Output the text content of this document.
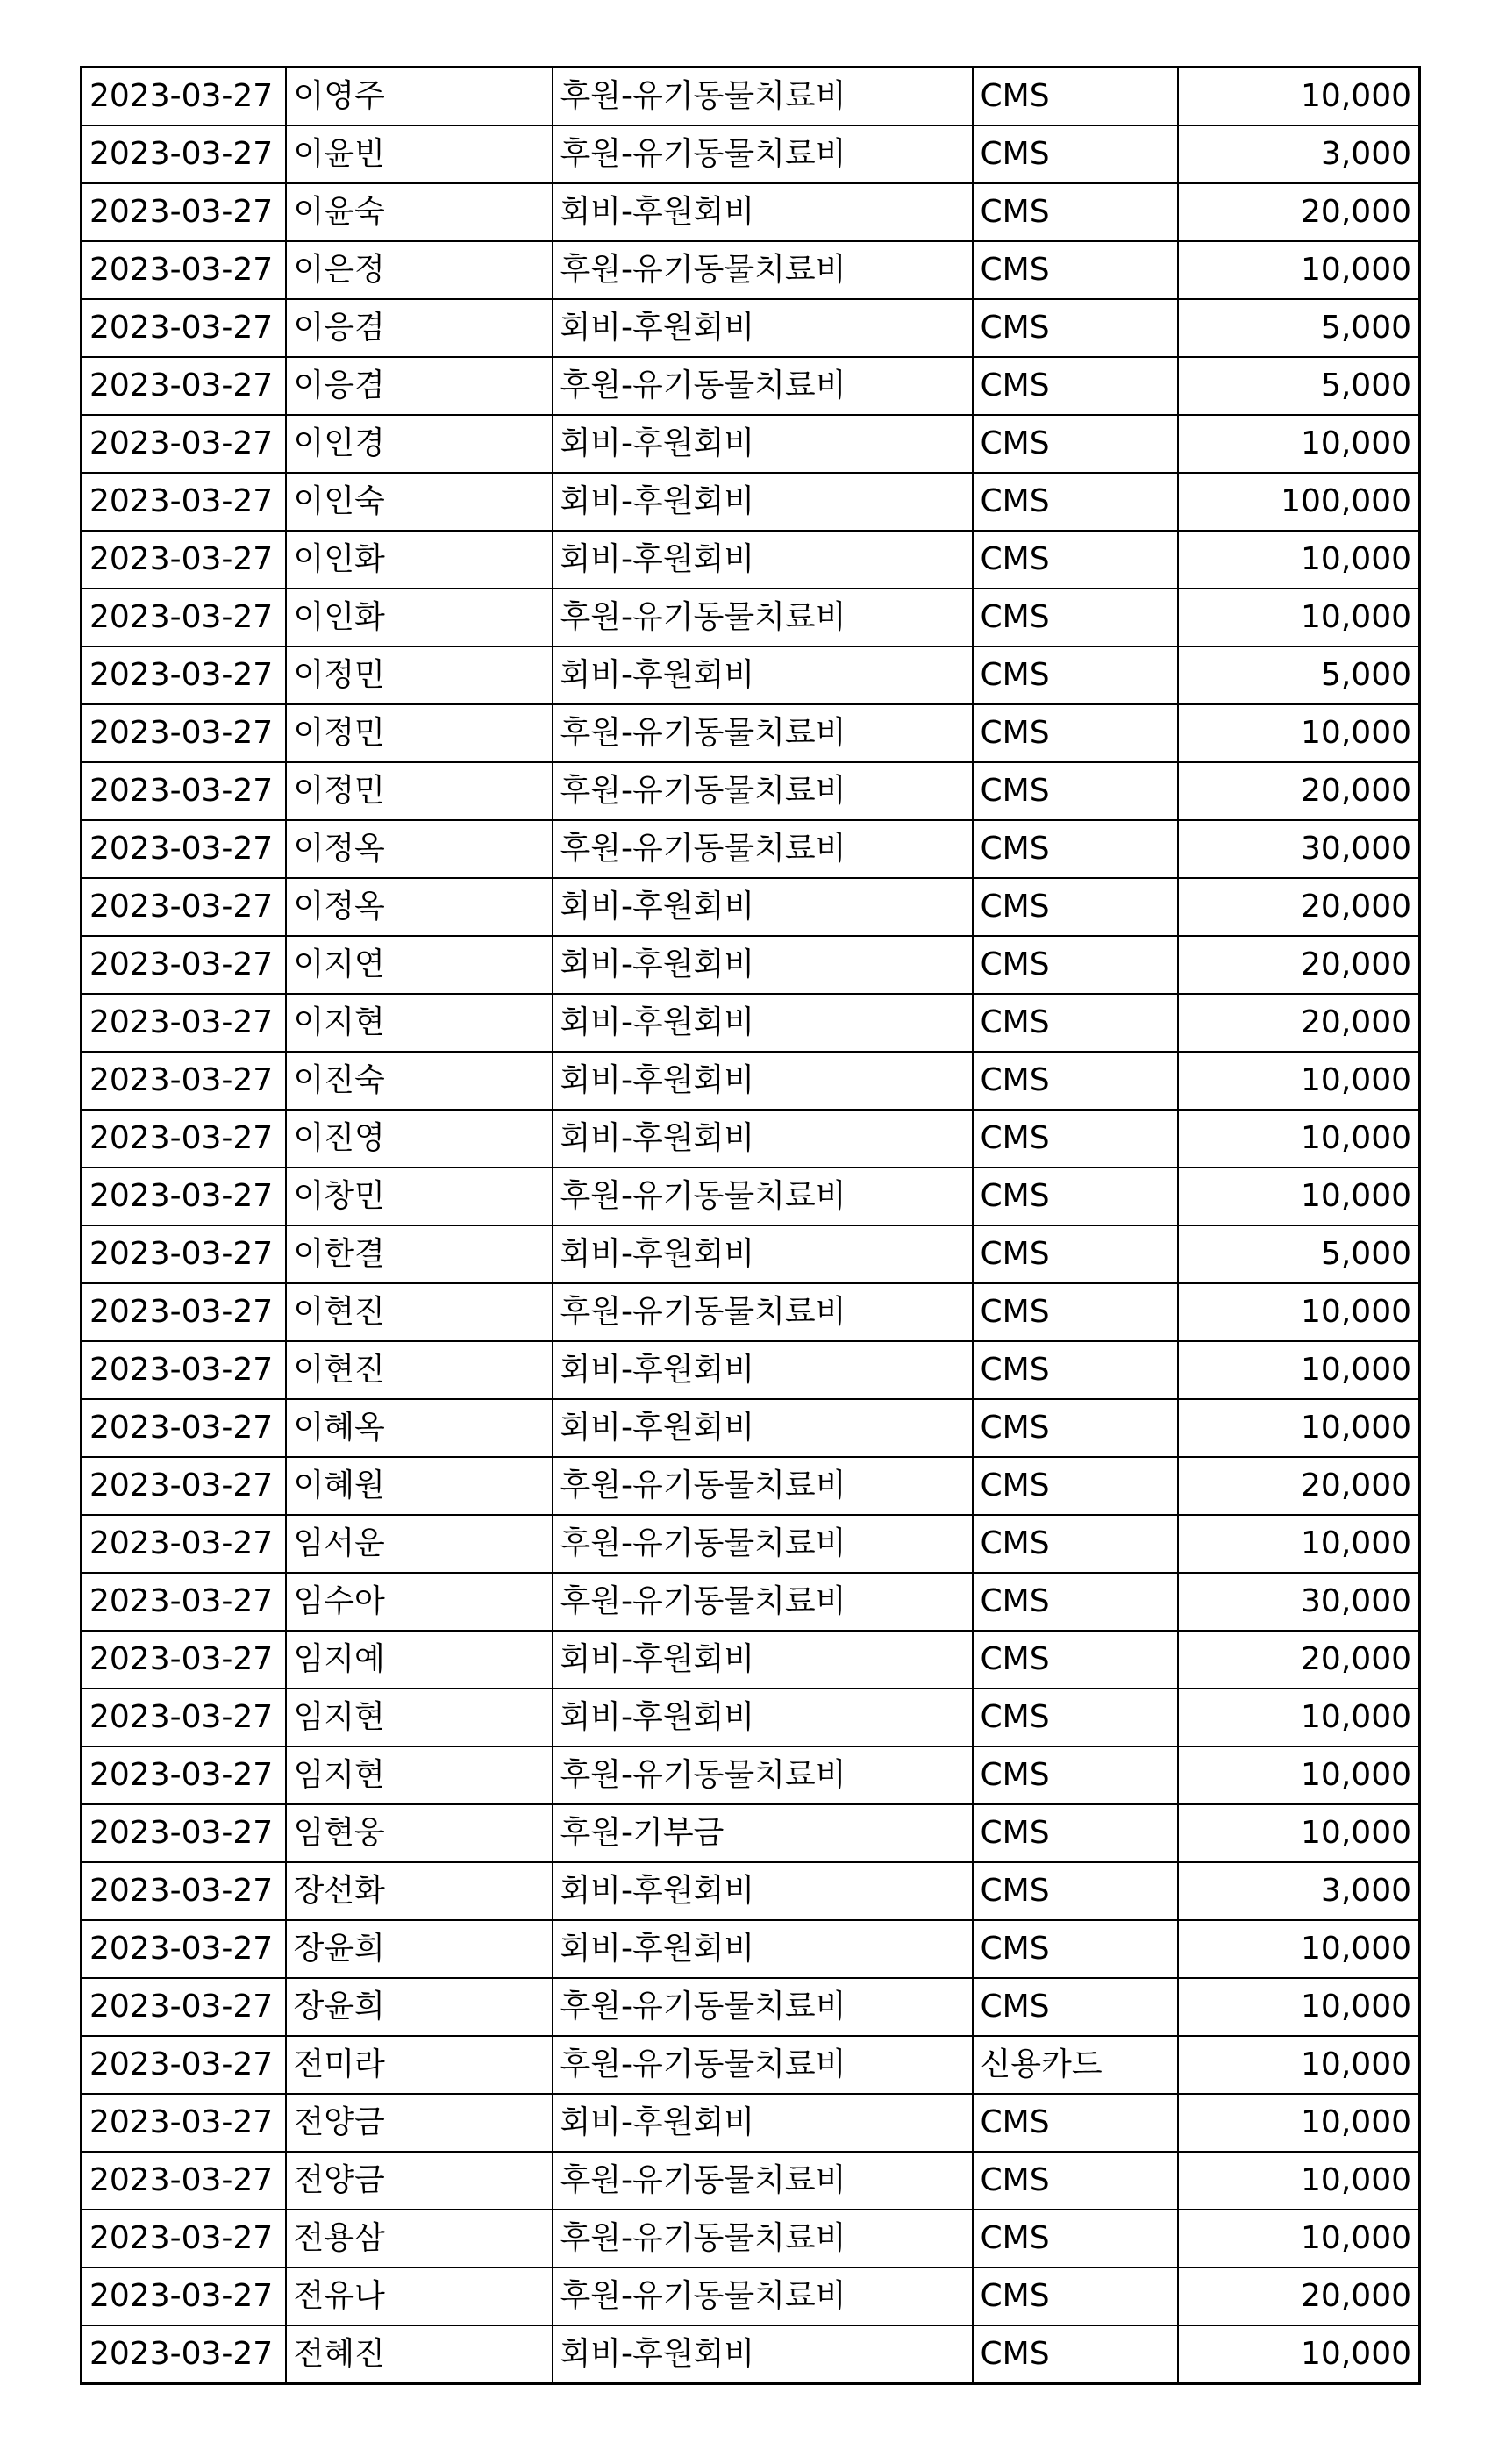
2023-03-27	이영주	후원-유기동물치료비	CMS	10,000
2023-03-27	이윤빈	후원-유기동물치료비	CMS	3,000
2023-03-27	이윤숙	회비-후원회비	CMS	20,000
2023-03-27	이은정	후원-유기동물치료비	CMS	10,000
2023-03-27	이응겸	회비-후원회비	CMS	5,000
2023-03-27	이응겸	후원-유기동물치료비	CMS	5,000
2023-03-27	이인경	회비-후원회비	CMS	10,000
2023-03-27	이인숙	회비-후원회비	CMS	100,000
2023-03-27	이인화	회비-후원회비	CMS	10,000
2023-03-27	이인화	후원-유기동물치료비	CMS	10,000
2023-03-27	이정민	회비-후원회비	CMS	5,000
2023-03-27	이정민	후원-유기동물치료비	CMS	10,000
2023-03-27	이정민	후원-유기동물치료비	CMS	20,000
2023-03-27	이정옥	후원-유기동물치료비	CMS	30,000
2023-03-27	이정옥	회비-후원회비	CMS	20,000
2023-03-27	이지연	회비-후원회비	CMS	20,000
2023-03-27	이지현	회비-후원회비	CMS	20,000
2023-03-27	이진숙	회비-후원회비	CMS	10,000
2023-03-27	이진영	회비-후원회비	CMS	10,000
2023-03-27	이창민	후원-유기동물치료비	CMS	10,000
2023-03-27	이한결	회비-후원회비	CMS	5,000
2023-03-27	이현진	후원-유기동물치료비	CMS	10,000
2023-03-27	이현진	회비-후원회비	CMS	10,000
2023-03-27	이혜옥	회비-후원회비	CMS	10,000
2023-03-27	이혜원	후원-유기동물치료비	CMS	20,000
2023-03-27	임서운	후원-유기동물치료비	CMS	10,000
2023-03-27	임수아	후원-유기동물치료비	CMS	30,000
2023-03-27	임지예	회비-후원회비	CMS	20,000
2023-03-27	임지현	회비-후원회비	CMS	10,000
2023-03-27	임지현	후원-유기동물치료비	CMS	10,000
2023-03-27	임현웅	후원-기부금	CMS	10,000
2023-03-27	장선화	회비-후원회비	CMS	3,000
2023-03-27	장윤희	회비-후원회비	CMS	10,000
2023-03-27	장윤희	후원-유기동물치료비	CMS	10,000
2023-03-27	전미라	후원-유기동물치료비	신용카드	10,000
2023-03-27	전양금	회비-후원회비	CMS	10,000
2023-03-27	전양금	후원-유기동물치료비	CMS	10,000
2023-03-27	전용삼	후원-유기동물치료비	CMS	10,000
2023-03-27	전유나	후원-유기동물치료비	CMS	20,000
2023-03-27	전혜진	회비-후원회비	CMS	10,000
